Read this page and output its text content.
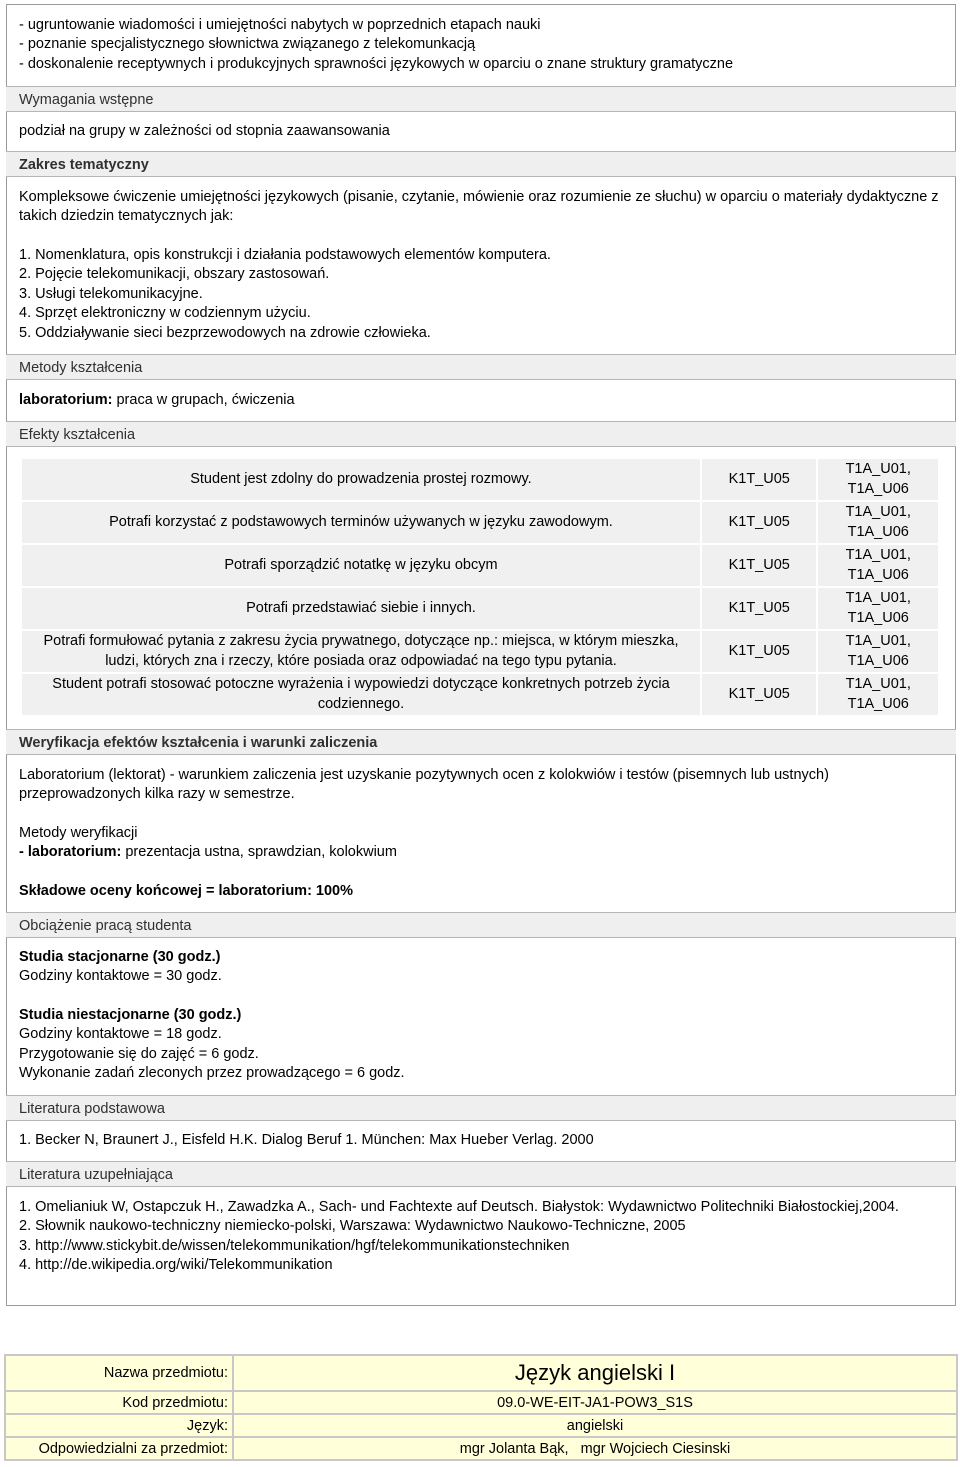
- ugruntowanie wiadomości i umiejętności nabytych w poprzednich etapach nauki
- poznanie specjalistycznego słownictwa związanego z telekomunkacją
- doskonalenie receptywnych i produkcyjnych sprawności językowych w oparciu o znane struktury gramatyczne
Wymagania wstępne
podział na grupy w zależności od stopnia zaawansowania
Zakres tematyczny
Kompleksowe ćwiczenie umiejętności językowych (pisanie, czytanie, mówienie oraz rozumienie ze słuchu) w oparciu o materiały dydaktyczne z takich dziedzin tematycznych jak:
1. Nomenklatura, opis konstrukcji i działania podstawowych elementów komputera.
2. Pojęcie telekomunikacji, obszary zastosowań.
3. Usługi telekomunikacyjne.
4. Sprzęt elektroniczny w codziennym użyciu.
5. Oddziaływanie sieci bezprzewodowych na zdrowie człowieka.
Metody kształcenia
laboratorium: praca w grupach, ćwiczenia
Efekty kształcenia
Student jest zdolny do prowadzenia prostej rozmowy.	K1T_U05	T1A_U01,
T1A_U06

Potrafi korzystać z podstawowych terminów używanych w języku zawodowym.	K1T_U05	T1A_U01,
T1A_U06

Potrafi sporządzić notatkę w języku obcym	K1T_U05	T1A_U01,
T1A_U06

Potrafi przedstawiać siebie i innych.	K1T_U05	T1A_U01,
T1A_U06

Potrafi formułować pytania z zakresu życia prywatnego, dotyczące np.: miejsca, w którym mieszka, ludzi, których zna i rzeczy, które posiada oraz odpowiadać na tego typu pytania.	K1T_U05	T1A_U01,
T1A_U06

Student potrafi stosować potoczne wyrażenia i wypowiedzi dotyczące konkretnych potrzeb życia codziennego.	K1T_U05	T1A_U01,
T1A_U06
Weryfikacja efektów kształcenia i warunki zaliczenia
Laboratorium (lektorat) - warunkiem zaliczenia jest uzyskanie pozytywnych ocen z kolokwiów i testów (pisemnych lub ustnych) przeprowadzonych kilka razy w semestrze.
Metody weryfikacji
- laboratorium: prezentacja ustna, sprawdzian, kolokwium
Składowe oceny końcowej = laboratorium: 100%
Obciążenie pracą studenta
Studia stacjonarne (30 godz.)
Godziny kontaktowe = 30 godz.
Studia niestacjonarne (30 godz.)
Godziny kontaktowe = 18 godz.
Przygotowanie się do zajęć = 6 godz.
Wykonanie zadań zleconych przez prowadzącego = 6 godz.
Literatura podstawowa
1. Becker N, Braunert J., Eisfeld H.K. Dialog Beruf 1. München: Max Hueber Verlag. 2000
Literatura uzupełniająca
1. Omelianiuk W, Ostapczuk H., Zawadzka A., Sach- und Fachtexte auf Deutsch. Białystok: Wydawnictwo Politechniki Białostockiej,2004.
2. Słownik naukowo-techniczny niemiecko-polski, Warszawa: Wydawnictwo Naukowo-Techniczne, 2005
3. http://www.stickybit.de/wissen/telekommunikation/hgf/telekommunikationstechniken
4. http://de.wikipedia.org/wiki/Telekommunikation
Nazwa przedmiotu:	Język angielski I
Kod przedmiotu:	09.0-WE-EIT-JA1-POW3_S1S
Język:	angielski
Odpowiedzialni za przedmiot:	mgr Jolanta Bąk,   mgr Wojciech Ciesinski
